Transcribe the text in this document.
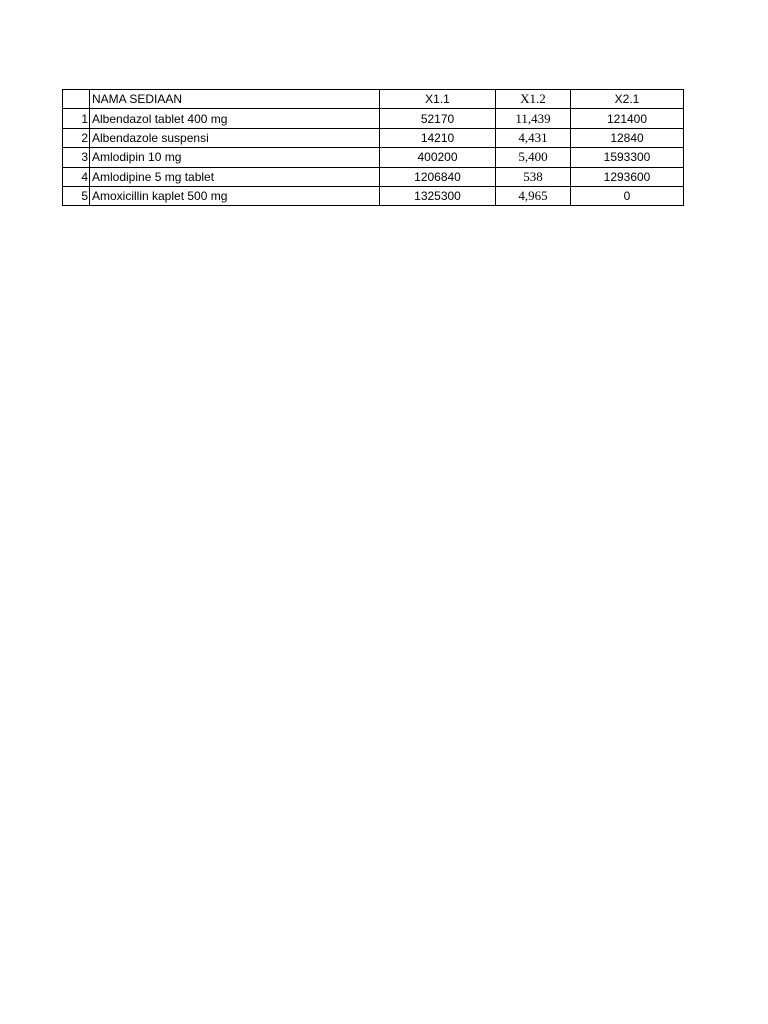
	NAMA SEDIAAN	X1.1	X1.2	X2.1
1	Albendazol tablet 400 mg	52170	11,439	121400
2	Albendazole suspensi	14210	4,431	12840
3	Amlodipin 10 mg	400200	5,400	1593300
4	Amlodipine 5 mg tablet	1206840	538	1293600
5	Amoxicillin kaplet 500 mg	1325300	4,965	0
